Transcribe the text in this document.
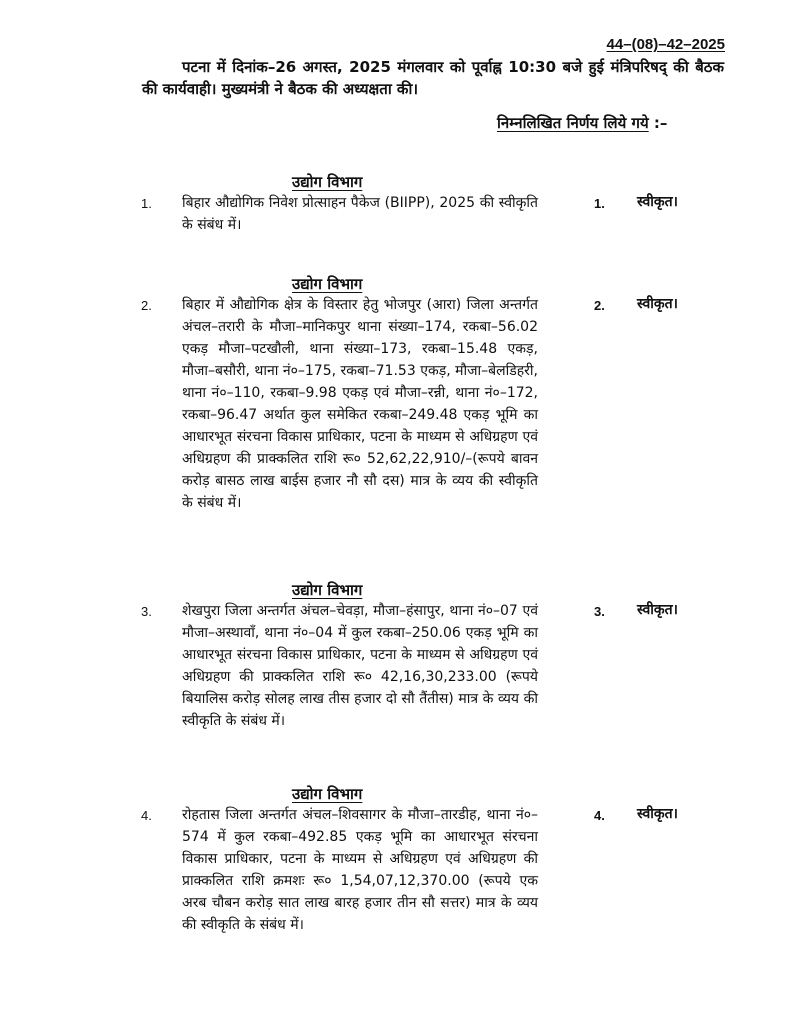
44–(08)–42–2025
पटना में दिनांक–26 अगस्त, 2025 मंगलवार को पूर्वाह्न 10:30 बजे हुई मंत्रिपरिषद् की बैठक की कार्यवाही। मुख्यमंत्री ने बैठक की अध्यक्षता की।
निम्नलिखित निर्णय लिये गये :–
उद्योग विभाग
1. बिहार औद्योगिक निवेश प्रोत्साहन पैकेज (BIIPP), 2025 की स्वीकृति के संबंध में।
1. स्वीकृत।
उद्योग विभाग
2. बिहार में औद्योगिक क्षेत्र के विस्तार हेतु भोजपुर (आरा) जिला अन्तर्गत अंचल–तरारी के मौजा–मानिकपुर थाना संख्या–174, रकबा–56.02 एकड़ मौजा–पटखौली, थाना संख्या–173, रकबा–15.48 एकड़, मौजा–बसौरी, थाना नं०–175, रकबा–71.53 एकड़, मौजा–बेलडिहरी, थाना नं०–110, रकबा–9.98 एकड़ एवं मौजा–रन्नी, थाना नं०–172, रकबा–96.47 अर्थात कुल समेकित रकबा–249.48 एकड़ भूमि का आधारभूत संरचना विकास प्राधिकार, पटना के माध्यम से अधिग्रहण एवं अधिग्रहण की प्राक्कलित राशि रू० 52,62,22,910/–(रूपये बावन करोड़ बासठ लाख बाईस हजार नौ सौ दस) मात्र के व्यय की स्वीकृति के संबंध में।
2. स्वीकृत।
उद्योग विभाग
3. शेखपुरा जिला अन्तर्गत अंचल–चेवड़ा, मौजा–हंसापुर, थाना नं०–07 एवं मौजा–अस्थावाँ, थाना नं०–04 में कुल रकबा–250.06 एकड़ भूमि का आधारभूत संरचना विकास प्राधिकार, पटना के माध्यम से अधिग्रहण एवं अधिग्रहण की प्राक्कलित राशि रू० 42,16,30,233.00 (रूपये बियालिस करोड़ सोलह लाख तीस हजार दो सौ तैंतीस) मात्र के व्यय की स्वीकृति के संबंध में।
3. स्वीकृत।
उद्योग विभाग
4. रोहतास जिला अन्तर्गत अंचल–शिवसागर के मौजा–तारडीह, थाना नं०–574 में कुल रकबा–492.85 एकड़ भूमि का आधारभूत संरचना विकास प्राधिकार, पटना के माध्यम से अधिग्रहण एवं अधिग्रहण की प्राक्कलित राशि क्रमशः रू० 1,54,07,12,370.00 (रूपये एक अरब चौबन करोड़ सात लाख बारह हजार तीन सौ सत्तर) मात्र के व्यय की स्वीकृति के संबंध में।
4. स्वीकृत।
